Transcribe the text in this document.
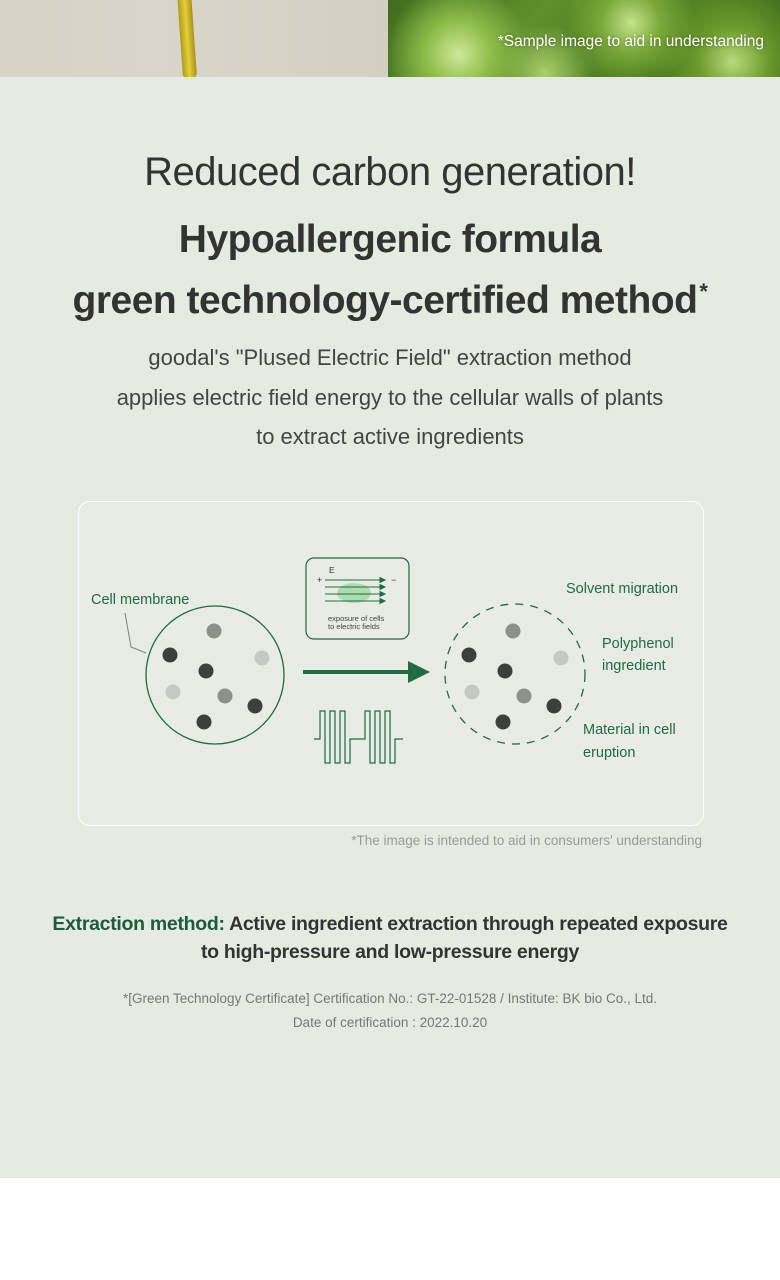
*Sample image to aid in understanding
Reduced carbon generation!
Hypoallergenic formula
green technology-certified method*
goodal's "Plused Electric Field" extraction method
applies electric field energy to the cellular walls of plants
to extract active ingredients
Cell membrane
E
+	−
exposure of cells
to electric fields
Solvent migration
Polyphenol
ingredient
Material in cell
eruption
*The image is intended to aid in consumers' understanding
Extraction method: Active ingredient extraction through repeated exposure
to high-pressure and low-pressure energy
*[Green Technology Certificate] Certification No.: GT-22-01528 / Institute: BK bio Co., Ltd.
Date of certification : 2022.10.20
